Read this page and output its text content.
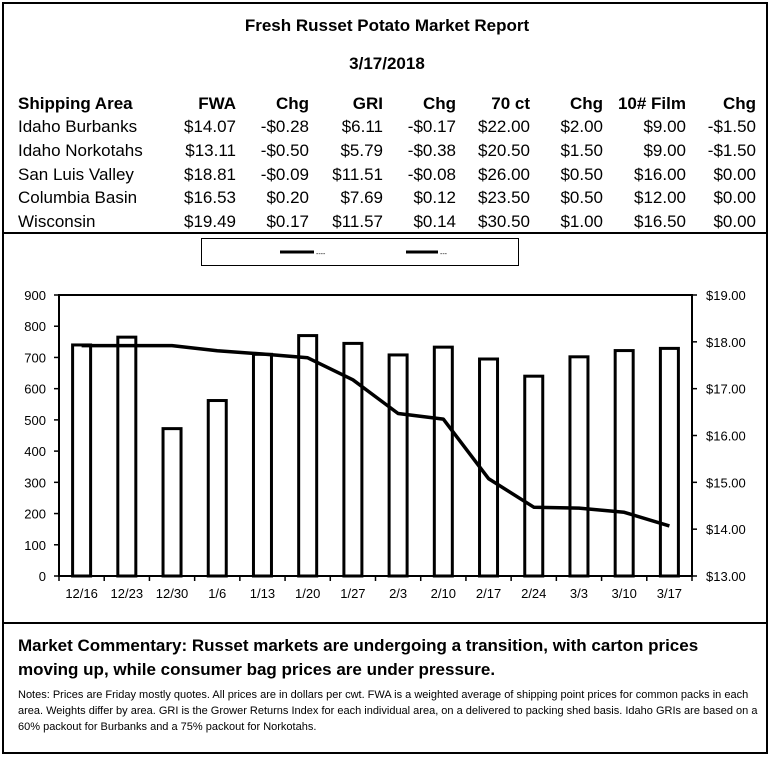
Fresh Russet Potato Market Report
3/17/2018
Shipping Area	FWA	Chg	GRI	Chg	70 ct	Chg	10# Film	Chg
Idaho Burbanks	$14.07	-$0.28	$6.11	-$0.17	$22.00	$2.00	$9.00	-$1.50
Idaho Norkotahs	$13.11	-$0.50	$5.79	-$0.38	$20.50	$1.50	$9.00	-$1.50
San Luis Valley	$18.81	-$0.09	$11.51	-$0.08	$26.00	$0.50	$16.00	$0.00
Columbia Basin	$16.53	$0.20	$7.69	$0.12	$23.50	$0.50	$12.00	$0.00
Wisconsin	$19.49	$0.17	$11.57	$0.14	$30.50	$1.00	$16.50	$0.00
----	---
0
100
200
300
400
500
600
700
800
900
$13.00
$14.00
$15.00
$16.00
$17.00
$18.00
$19.00
12/16 12/23 12/30 1/6 1/13 1/20 1/27 2/3 2/10 2/17 2/24 3/3 3/10 3/17
Market Commentary: Russet markets are undergoing a transition, with carton prices moving up, while consumer bag prices are under pressure.
Notes: Prices are Friday mostly quotes. All prices are in dollars per cwt. FWA is a weighted average of shipping point prices for common packs in each area. Weights differ by area. GRI is the Grower Returns Index for each individual area, on a delivered to packing shed basis. Idaho GRIs are based on a 60% packout for Burbanks and a 75% packout for Norkotahs.
